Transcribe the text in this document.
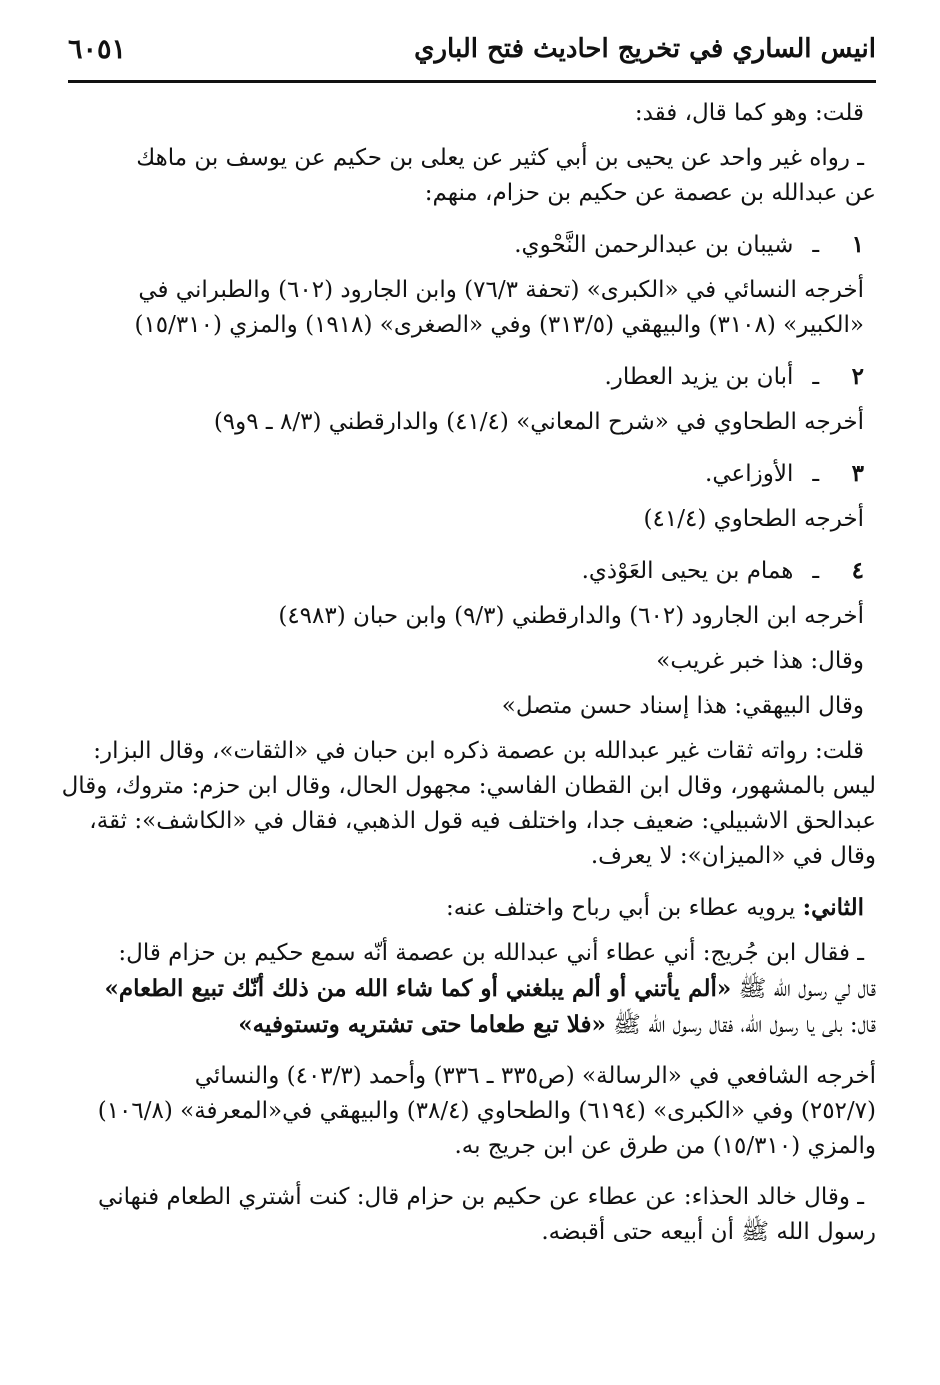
انيس الساري في تخريج احاديث فتح الباري
٦٠٥١

قلت: وهو كما قال، فقد:

ـ رواه غير واحد عن يحيى بن أبي كثير عن يعلى بن حكيم عن يوسف بن ماهك
عن عبدالله بن عصمة عن حكيم بن حزام، منهم:

١ ـ شيبان بن عبدالرحمن النَّحْوي.

أخرجه النسائي في «الكبرى» (تحفة ٧٦/٣) وابن الجارود (٦٠٢) والطبراني في
«الكبير» (٣١٠٨) والبيهقي (٣١٣/٥) وفي «الصغرى» (١٩١٨) والمزي (١٥/٣١٠)

٢ ـ أبان بن يزيد العطار.

أخرجه الطحاوي في «شرح المعاني» (٤١/٤) والدارقطني (٨/٣ ـ ٩و٩)

٣ ـ الأوزاعي.

أخرجه الطحاوي (٤١/٤)

٤ ـ همام بن يحيى العَوْذي.

أخرجه ابن الجارود (٦٠٢) والدارقطني (٩/٣) وابن حبان (٤٩٨٣)

وقال: هذا خبر غريب»

وقال البيهقي: هذا إسناد حسن متصل»

قلت: رواته ثقات غير عبدالله بن عصمة ذكره ابن حبان في «الثقات»، وقال البزار:
ليس بالمشهور، وقال ابن القطان الفاسي: مجهول الحال، وقال ابن حزم: متروك، وقال
عبدالحق الاشبيلي: ضعيف جدا، واختلف فيه قول الذهبي، فقال في «الكاشف»: ثقة،
وقال في «الميزان»: لا يعرف.

الثاني: يرويه عطاء بن أبي رباح واختلف عنه:

ـ فقال ابن جُريج: أني عطاء أني عبدالله بن عصمة أنّه سمع حكيم بن حزام قال:
قال لي رسول الله ﷺ «ألم يأتني أو ألم يبلغني أو كما شاء الله من ذلك أنّك تبيع الطعام»
قال: بلى يا رسول الله، فقال رسول الله ﷺ «فلا تبع طعاما حتى تشتريه وتستوفيه»

أخرجه الشافعي في «الرسالة» (ص٣٣٥ ـ ٣٣٦) وأحمد (٤٠٣/٣) والنسائي
(٢٥٢/٧) وفي «الكبرى» (٦١٩٤) والطحاوي (٣٨/٤) والبيهقي في«المعرفة» (١٠٦/٨)
والمزي (١٥/٣١٠) من طرق عن ابن جريج به.

ـ وقال خالد الحذاء: عن عطاء عن حكيم بن حزام قال: كنت أشتري الطعام فنهاني
رسول الله ﷺ أن أبيعه حتى أقبضه.
